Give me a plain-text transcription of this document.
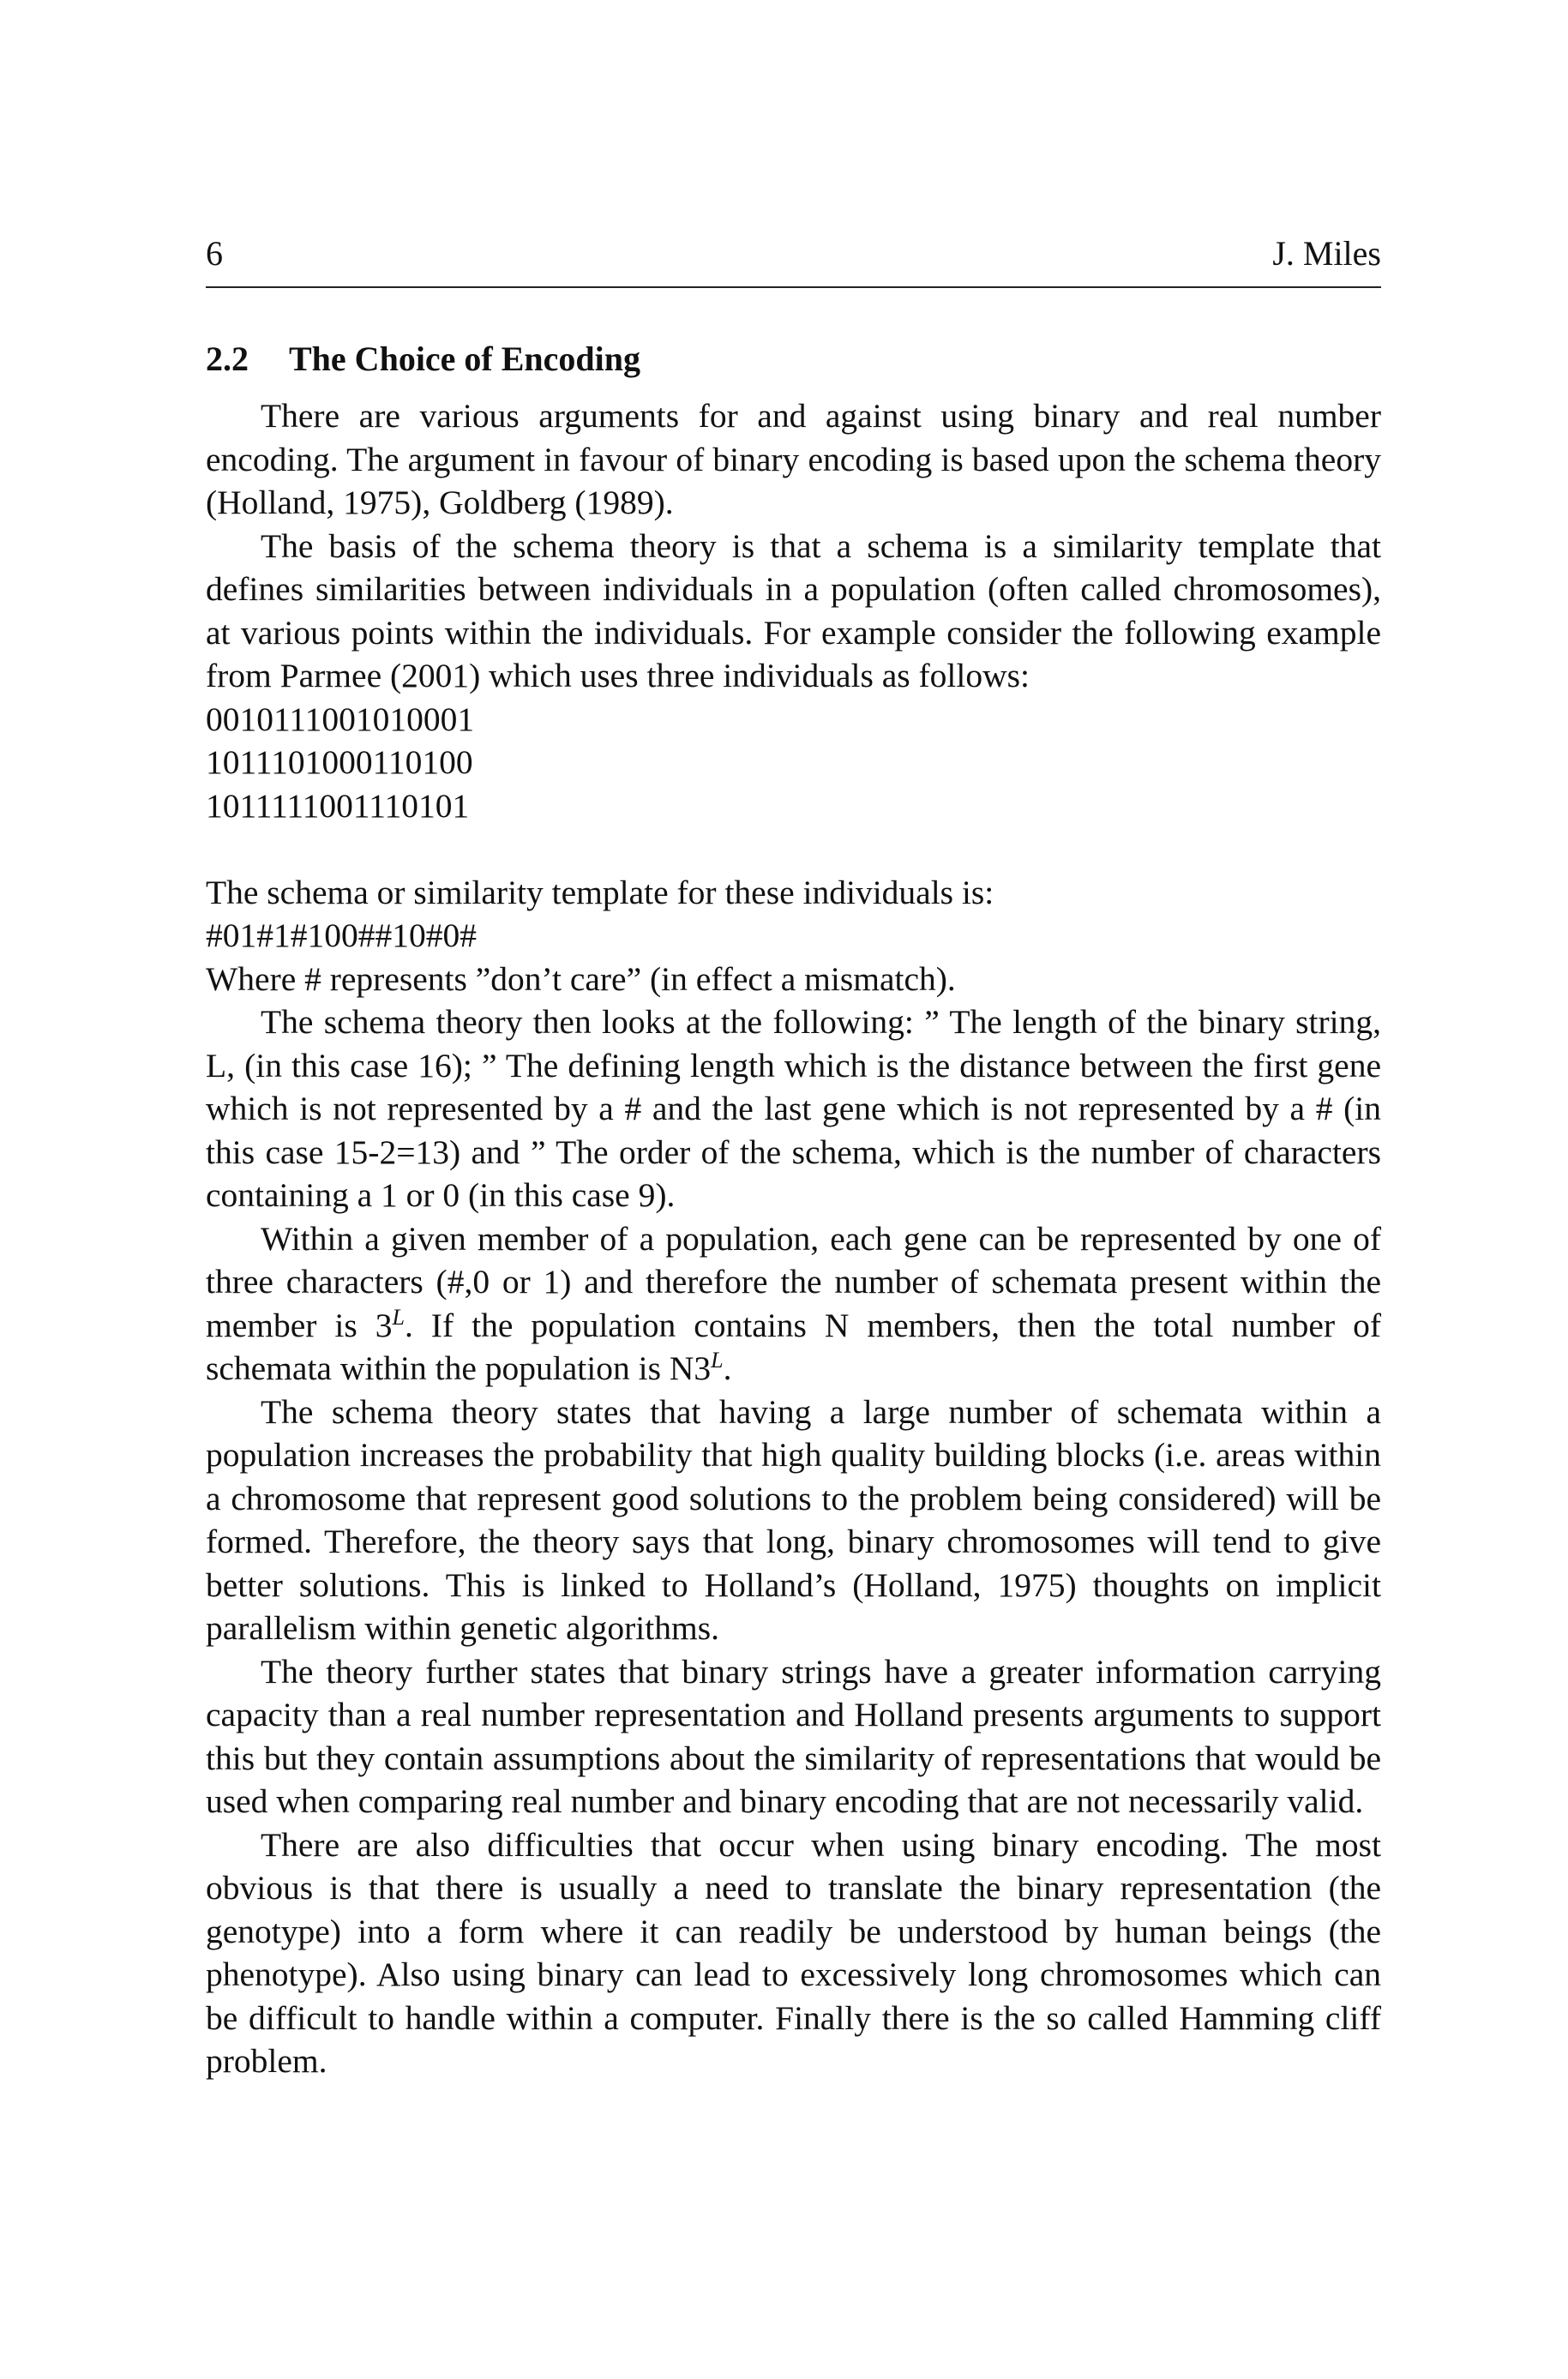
6	J. Miles
2.2 The Choice of Encoding

There are various arguments for and against using binary and real number encoding. The argument in favour of binary encoding is based upon the schema theory (Holland, 1975), Goldberg (1989).

The basis of the schema theory is that a schema is a similarity template that defines similarities between individuals in a population (often called chromosomes), at various points within the individuals. For example consider the following example from Parmee (2001) which uses three individuals as follows:

0010111001010001

1011101000110100

1011111001110101

The schema or similarity template for these individuals is:

#01#1#100##10#0#

Where # represents ”don’t care” (in effect a mismatch).

The schema theory then looks at the following: ” The length of the binary string, L, (in this case 16); ” The defining length which is the distance between the first gene which is not represented by a # and the last gene which is not represented by a # (in this case 15-2=13) and ” The order of the schema, which is the number of characters containing a 1 or 0 (in this case 9).

Within a given member of a population, each gene can be represented by one of three characters (#,0 or 1) and therefore the number of schemata present within the member is $3^L$. If the population contains N members, then the total number of schemata within the population is $N3^L$.

The schema theory states that having a large number of schemata within a population increases the probability that high quality building blocks (i.e. areas within a chromosome that represent good solutions to the problem being considered) will be formed. Therefore, the theory says that long, binary chromosomes will tend to give better solutions. This is linked to Holland’s (Holland, 1975) thoughts on implicit parallelism within genetic algorithms.

The theory further states that binary strings have a greater information carrying capacity than a real number representation and Holland presents arguments to support this but they contain assumptions about the similarity of representations that would be used when comparing real number and binary encoding that are not necessarily valid.

There are also difficulties that occur when using binary encoding. The most obvious is that there is usually a need to translate the binary representation (the genotype) into a form where it can readily be understood by human beings (the phenotype). Also using binary can lead to excessively long chromosomes which can be difficult to handle within a computer. Finally there is the so called Hamming cliff problem.
